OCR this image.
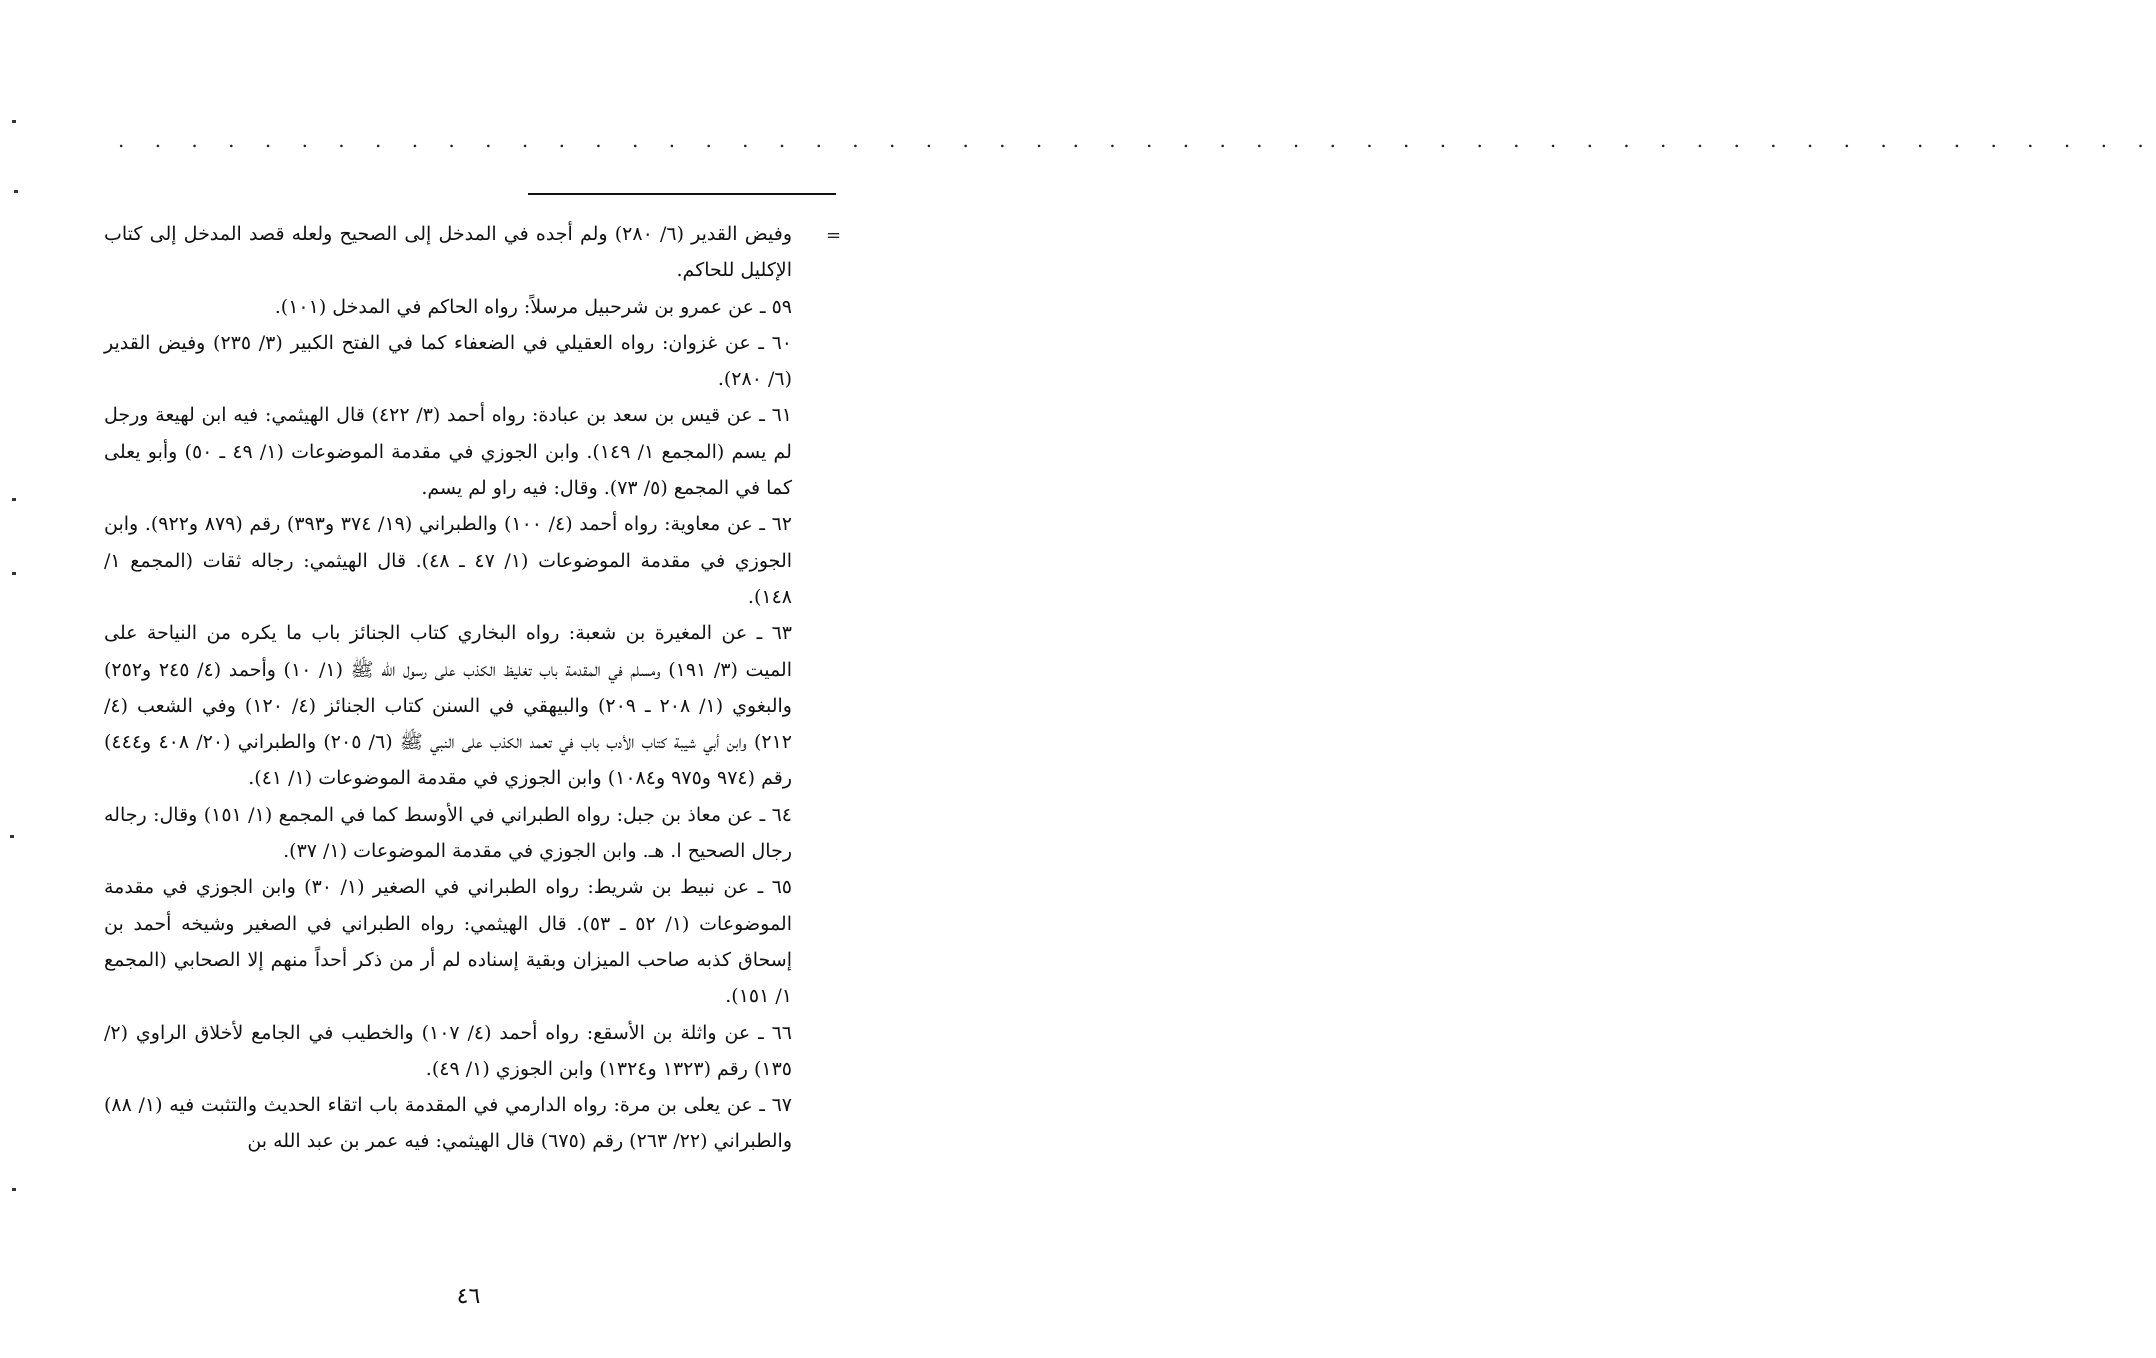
. . . . . . . . . . . . . . . . . . . . . . . . . . . . . . . . . . . . . . . . . . . . . . . . . . . . . . . .
=

وفيض القدير (٦/ ٢٨٠) ولم أجده في المدخل إلى الصحيح ولعله قصد المدخل إلى كتاب الإكليل للحاكم.

٥٩ ـ عن عمرو بن شرحبيل مرسلاً: رواه الحاكم في المدخل (١٠١).

٦٠ ـ عن غزوان: رواه العقيلي في الضعفاء كما في الفتح الكبير (٣/ ٢٣٥) وفيض القدير (٦/ ٢٨٠).

٦١ ـ عن قيس بن سعد بن عبادة: رواه أحمد (٣/ ٤٢٢) قال الهيثمي: فيه ابن لهيعة ورجل لم يسم (المجمع ١/ ١٤٩). وابن الجوزي في مقدمة الموضوعات (١/ ٤٩ ـ ٥٠) وأبو يعلى كما في المجمع (٥/ ٧٣). وقال: فيه راو لم يسم.

٦٢ ـ عن معاوية: رواه أحمد (٤/ ١٠٠) والطبراني (١٩/ ٣٧٤ و٣٩٣) رقم (٨٧٩ و٩٢٢). وابن الجوزي في مقدمة الموضوعات (١/ ٤٧ ـ ٤٨). قال الهيثمي: رجاله ثقات (المجمع ١/ ١٤٨).

٦٣ ـ عن المغيرة بن شعبة: رواه البخاري كتاب الجنائز باب ما يكره من النياحة على الميت (٣/ ١٩١) ومسلم في المقدمة باب تغليظ الكذب على رسول الله ﷺ (١/ ١٠) وأحمد (٤/ ٢٤٥ و٢٥٢) والبغوي (١/ ٢٠٨ ـ ٢٠٩) والبيهقي في السنن كتاب الجنائز (٤/ ١٢٠) وفي الشعب (٤/ ٢١٢) وابن أبي شيبة كتاب الأدب باب في تعمد الكذب على النبي ﷺ (٦/ ٢٠٥) والطبراني (٢٠/ ٤٠٨ و٤٤٤) رقم (٩٧٤ و٩٧٥ و١٠٨٤) وابن الجوزي في مقدمة الموضوعات (١/ ٤١).

٦٤ ـ عن معاذ بن جبل: رواه الطبراني في الأوسط كما في المجمع (١/ ١٥١) وقال: رجاله رجال الصحيح ا. هـ. وابن الجوزي في مقدمة الموضوعات (١/ ٣٧).

٦٥ ـ عن نبيط بن شريط: رواه الطبراني في الصغير (١/ ٣٠) وابن الجوزي في مقدمة الموضوعات (١/ ٥٢ ـ ٥٣). قال الهيثمي: رواه الطبراني في الصغير وشيخه أحمد بن إسحاق كذبه صاحب الميزان وبقية إسناده لم أر من ذكر أحداً منهم إلا الصحابي (المجمع ١/ ١٥١).

٦٦ ـ عن واثلة بن الأسقع: رواه أحمد (٤/ ١٠٧) والخطيب في الجامع لأخلاق الراوي (٢/ ١٣٥) رقم (١٣٢٣ و١٣٢٤) وابن الجوزي (١/ ٤٩).

٦٧ ـ عن يعلى بن مرة: رواه الدارمي في المقدمة باب اتقاء الحديث والتثبت فيه (١/ ٨٨) والطبراني (٢٢/ ٢٦٣) رقم (٦٧٥) قال الهيثمي: فيه عمر بن عبد الله بن

٤٦
